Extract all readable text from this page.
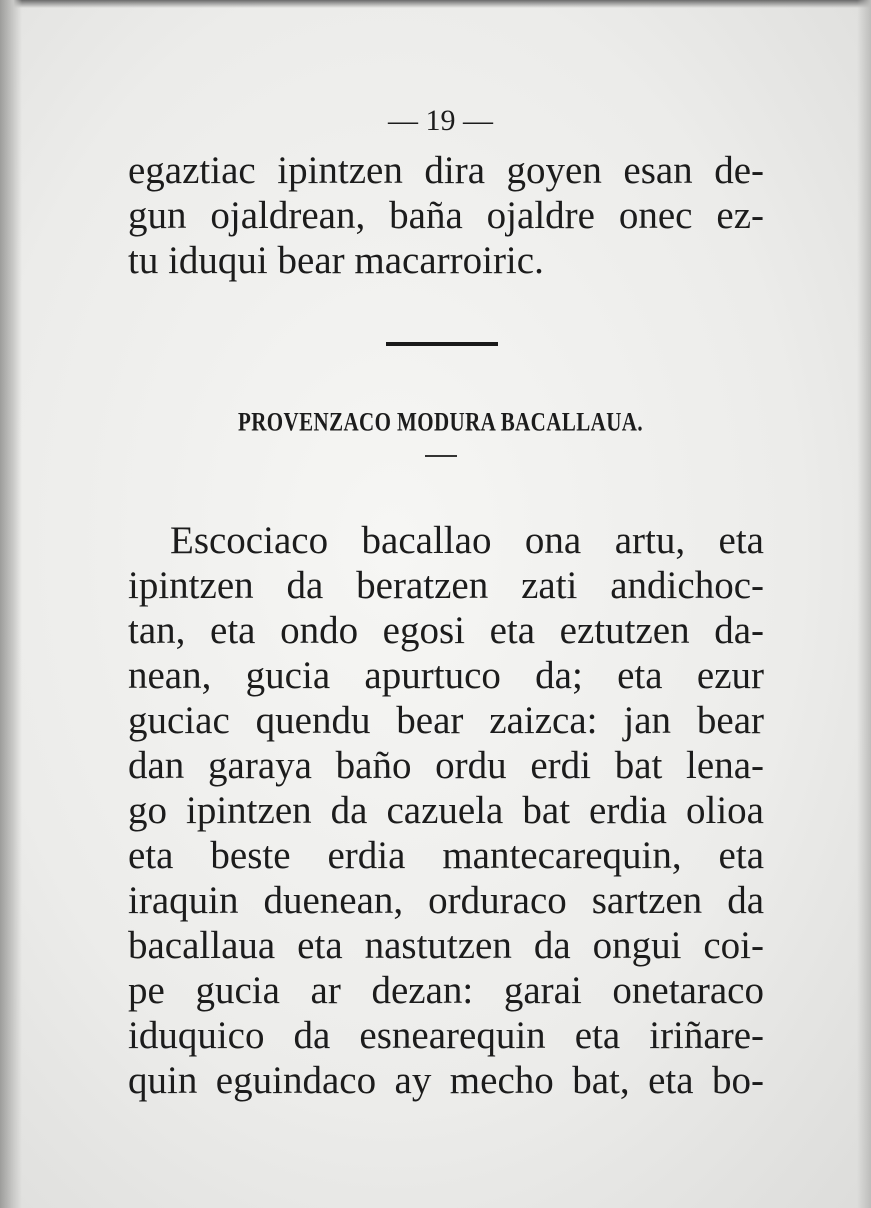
— 19 —
egaztiac ipintzen dira goyen esan de-
gun ojaldrean, baña ojaldre onec ez-
tu iduqui bear macarroiric.
PROVENZACO MODURA BACALLAUA.
Escociaco bacallao ona artu, eta
ipintzen da beratzen zati andichoc-
tan, eta ondo egosi eta eztutzen da-
nean, gucia apurtuco da; eta ezur
guciac quendu bear zaizca: jan bear
dan garaya baño ordu erdi bat lena-
go ipintzen da cazuela bat erdia olioa
eta beste erdia mantecarequin, eta
iraquin duenean, orduraco sartzen da
bacallaua eta nastutzen da ongui coi-
pe gucia ar dezan: garai onetaraco
iduquico da esnearequin eta iriñare-
quin eguindaco ay mecho bat, eta bo-
